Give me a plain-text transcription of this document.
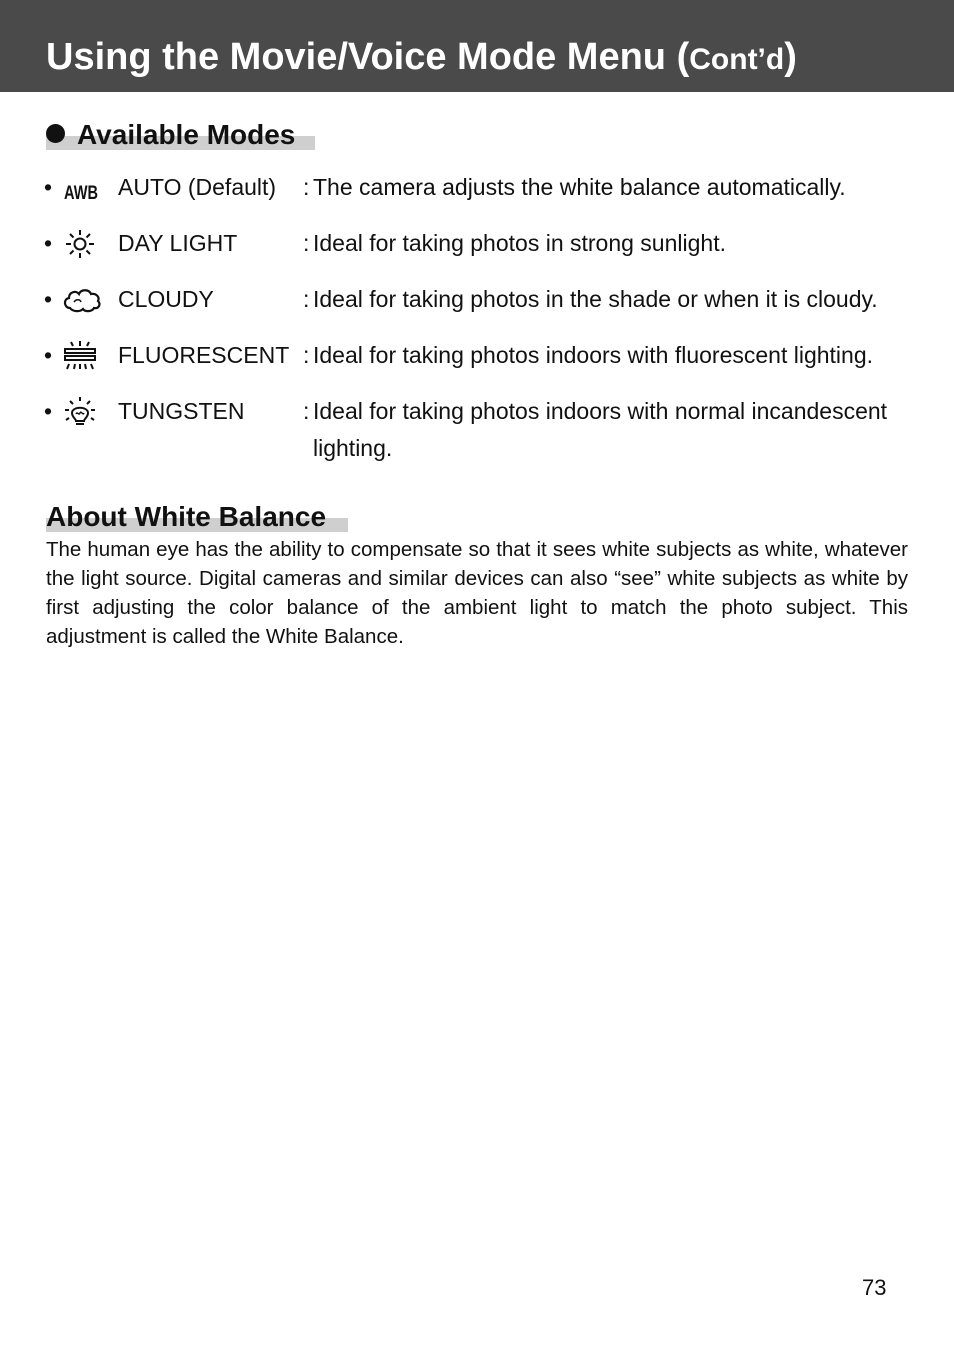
Using the Movie/Voice Mode Menu (Cont’d)
Available Modes
• AWB AUTO (Default) : The camera adjusts the white balance automatically.
•	DAY LIGHT	: Ideal for taking photos in strong sunlight.
•	CLOUDY	: Ideal for taking photos in the shade or when it is cloudy.
•	FLUORESCENT : Ideal for taking photos indoors with fluorescent lighting.
•	TUNGSTEN	: Ideal for taking photos indoors with normal incandescent lighting.
About White Balance

The human eye has the ability to compensate so that it sees white subjects as white, whatever the light source. Digital cameras and similar devices can also “see” white subjects as white by first adjusting the color balance of the ambient light to match the photo subject. This adjustment is called the White Balance.

73
